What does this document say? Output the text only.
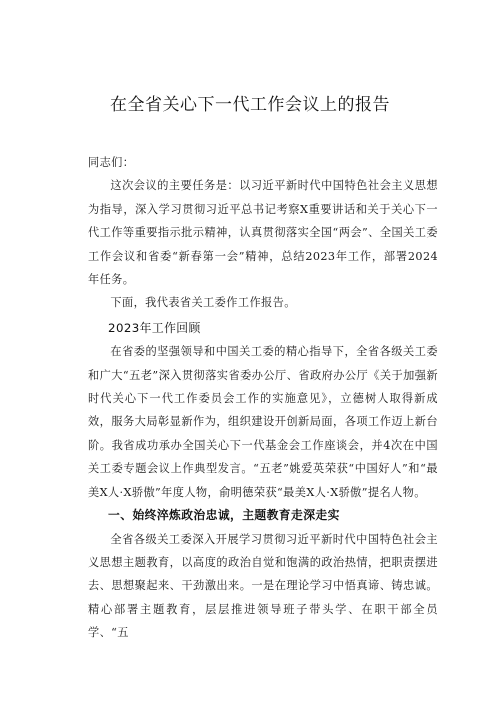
在全省关心下一代工作会议上的报告

同志们：

这次会议的主要任务是：以习近平新时代中国特色社会主义思想为指导，深入学习贯彻习近平总书记考察X重要讲话和关于关心下一代工作等重要指示批示精神，认真贯彻落实全国“两会”、全国关工委工作会议和省委“新春第一会”精神，总结2023年工作，部署2024年任务。

下面，我代表省关工委作工作报告。

2023年工作回顾

在省委的坚强领导和中国关工委的精心指导下，全省各级关工委和广大“五老”深入贯彻落实省委办公厅、省政府办公厅《关于加强新时代关心下一代工作委员会工作的实施意见》，立德树人取得新成效，服务大局彰显新作为，组织建设开创新局面，各项工作迈上新台阶。我省成功承办全国关心下一代基金会工作座谈会，并4次在中国关工委专题会议上作典型发言。“五老”姚爱英荣获“中国好人”和“最美X人·X骄傲”年度人物，俞明德荣获“最美X人·X骄傲”提名人物。

一、始终淬炼政治忠诚，主题教育走深走实

全省各级关工委深入开展学习贯彻习近平新时代中国特色社会主义思想主题教育，以高度的政治自觉和饱满的政治热情，把职责摆进去、思想聚起来、干劲激出来。一是在理论学习中悟真谛、铸忠诚。精心部署主题教育，层层推进领导班子带头学、在职干部全员学、“五
